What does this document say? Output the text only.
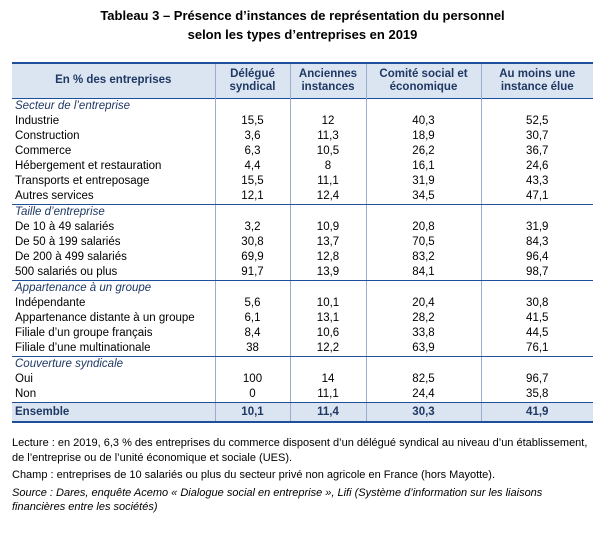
Tableau 3 – Présence d’instances de représentation du personnel
selon les types d’entreprises en 2019
En % des entreprises	Délégué syndical	Anciennes instances	Comité social et économique	Au moins une instance élue
Secteur de l’entreprise				
Industrie	15,5	12	40,3	52,5
Construction	3,6	11,3	18,9	30,7
Commerce	6,3	10,5	26,2	36,7
Hébergement et restauration	4,4	8	16,1	24,6
Transports et entreposage	15,5	11,1	31,9	43,3
Autres services	12,1	12,4	34,5	47,1
Taille d’entreprise				
De 10 à 49 salariés	3,2	10,9	20,8	31,9
De 50 à 199 salariés	30,8	13,7	70,5	84,3
De 200 à 499 salariés	69,9	12,8	83,2	96,4
500 salariés ou plus	91,7	13,9	84,1	98,7
Appartenance à un groupe				
Indépendante	5,6	10,1	20,4	30,8
Appartenance distante à un groupe	6,1	13,1	28,2	41,5
Filiale d’un groupe français	8,4	10,6	33,8	44,5
Filiale d’une multinationale	38	12,2	63,9	76,1
Couverture syndicale				
Oui	100	14	82,5	96,7
Non	0	11,1	24,4	35,8
Ensemble	10,1	11,4	30,3	41,9

Lecture : en 2019, 6,3 % des entreprises du commerce disposent d’un délégué syndical au niveau d’un établissement, de l’entreprise ou de l’unité économique et sociale (UES).

Champ : entreprises de 10 salariés ou plus du secteur privé non agricole en France (hors Mayotte).

Source : Dares, enquête Acemo « Dialogue social en entreprise », Lifi (Système d’information sur les liaisons financières entre les sociétés)
